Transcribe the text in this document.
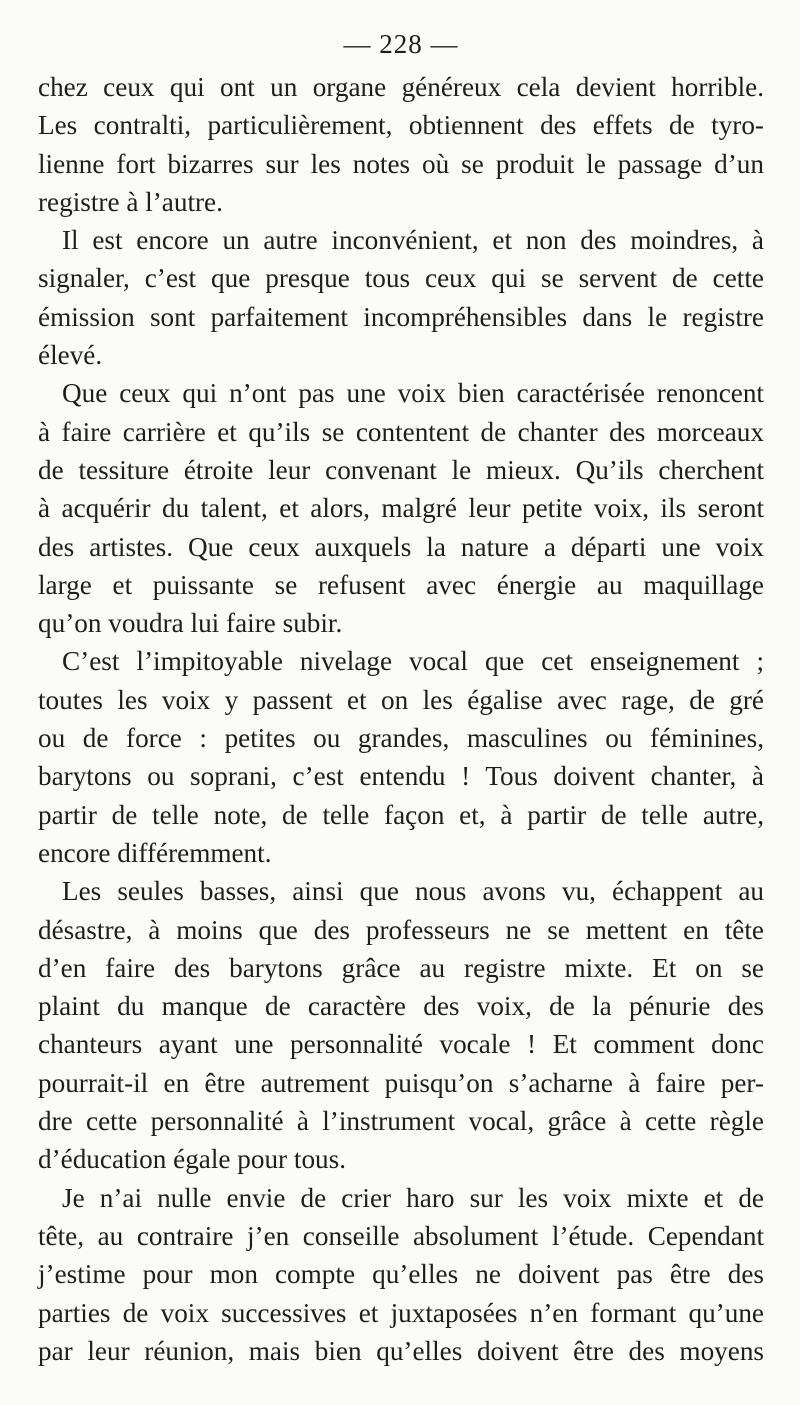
— 228 —

chez ceux qui ont un organe généreux cela devient horrible.
Les contralti, particulièrement, obtiennent des effets de tyro-
lienne fort bizarres sur les notes où se produit le passage d’un
registre à l’autre.

Il est encore un autre inconvénient, et non des moindres, à
signaler, c’est que presque tous ceux qui se servent de cette
émission sont parfaitement incompréhensibles dans le registre
élevé.

Que ceux qui n’ont pas une voix bien caractérisée renoncent
à faire carrière et qu’ils se contentent de chanter des morceaux
de tessiture étroite leur convenant le mieux. Qu’ils cherchent
à acquérir du talent, et alors, malgré leur petite voix, ils seront
des artistes. Que ceux auxquels la nature a départi une voix
large et puissante se refusent avec énergie au maquillage
qu’on voudra lui faire subir.

C’est l’impitoyable nivelage vocal que cet enseignement ;
toutes les voix y passent et on les égalise avec rage, de gré
ou de force : petites ou grandes, masculines ou féminines,
barytons ou soprani, c’est entendu ! Tous doivent chanter, à
partir de telle note, de telle façon et, à partir de telle autre,
encore différemment.

Les seules basses, ainsi que nous avons vu, échappent au
désastre, à moins que des professeurs ne se mettent en tête
d’en faire des barytons grâce au registre mixte. Et on se
plaint du manque de caractère des voix, de la pénurie des
chanteurs ayant une personnalité vocale ! Et comment donc
pourrait-il en être autrement puisqu’on s’acharne à faire per-
dre cette personnalité à l’instrument vocal, grâce à cette règle
d’éducation égale pour tous.

Je n’ai nulle envie de crier haro sur les voix mixte et de
tête, au contraire j’en conseille absolument l’étude. Cependant
j’estime pour mon compte qu’elles ne doivent pas être des
parties de voix successives et juxtaposées n’en formant qu’une
par leur réunion, mais bien qu’elles doivent être des moyens
